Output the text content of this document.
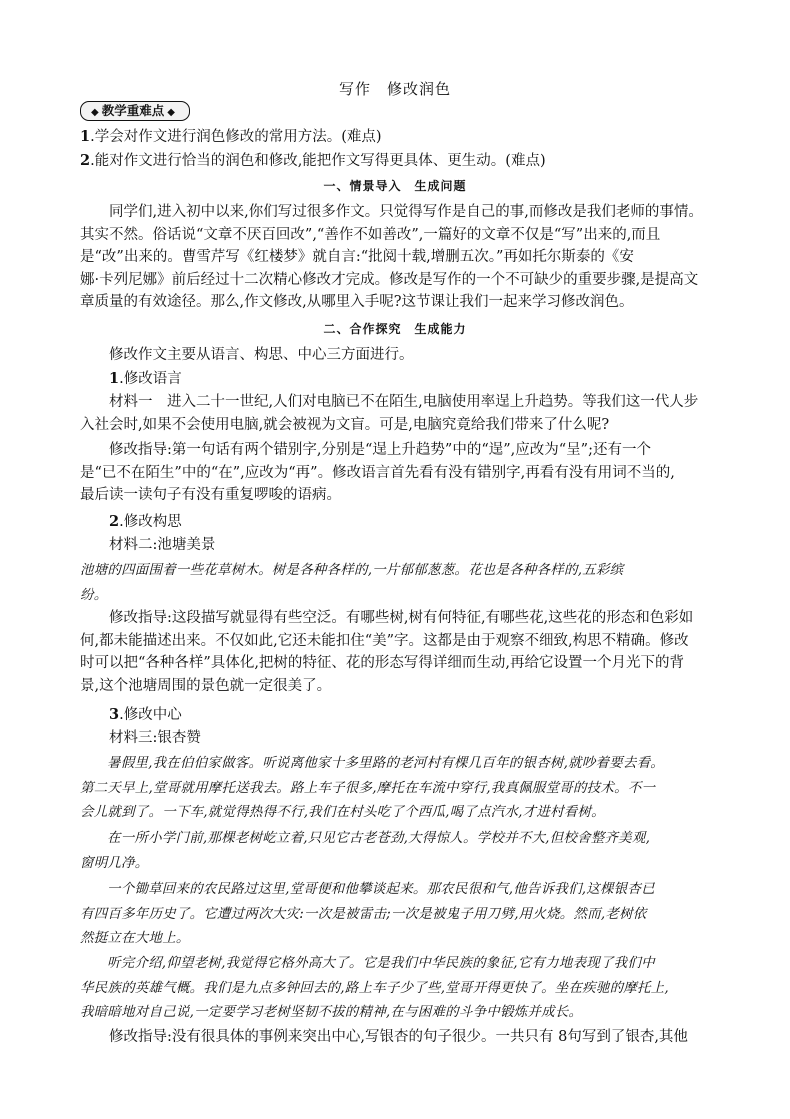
写作　修改润色
◆ 教学重难点 ◆

1.学会对作文进行润色修改的常用方法。(难点)

2.能对作文进行恰当的润色和修改,能把作文写得更具体、更生动。(难点)

一、情景导入　生成问题

同学们,进入初中以来,你们写过很多作文。只觉得写作是自己的事,而修改是我们老师的事情。
其实不然。俗话说“文章不厌百回改”,“善作不如善改”,一篇好的文章不仅是“写”出来的,而且
是“改”出来的。曹雪芹写《红楼梦》就自言:“批阅十载,增删五次。”再如托尔斯泰的《安
娜·卡列尼娜》前后经过十二次精心修改才完成。修改是写作的一个不可缺少的重要步骤,是提高文
章质量的有效途径。那么,作文修改,从哪里入手呢?这节课让我们一起来学习修改润色。

二、合作探究　生成能力

修改作文主要从语言、构思、中心三方面进行。

1.修改语言

材料一　进入二十一世纪,人们对电脑已不在陌生,电脑使用率逞上升趋势。等我们这一代人步
入社会时,如果不会使用电脑,就会被视为文盲。可是,电脑究竟给我们带来了什么呢?

修改指导:第一句话有两个错别字,分别是“逞上升趋势”中的“逞”,应改为“呈”;还有一个
是“已不在陌生”中的“在”,应改为“再”。修改语言首先看有没有错别字,再看有没有用词不当的,
最后读一读句子有没有重复啰唆的语病。

2.修改构思

材料二:池塘美景

池塘的四面围着一些花草树木。树是各种各样的,一片郁郁葱葱。花也是各种各样的,五彩缤
纷。

修改指导:这段描写就显得有些空泛。有哪些树,树有何特征,有哪些花,这些花的形态和色彩如
何,都未能描述出来。不仅如此,它还未能扣住“美”字。这都是由于观察不细致,构思不精确。修改
时可以把“各种各样”具体化,把树的特征、花的形态写得详细而生动,再给它设置一个月光下的背
景,这个池塘周围的景色就一定很美了。

3.修改中心

材料三:银杏赞

暑假里,我在伯伯家做客。听说离他家十多里路的老河村有棵几百年的银杏树,就吵着要去看。
第二天早上,堂哥就用摩托送我去。路上车子很多,摩托在车流中穿行,我真佩服堂哥的技术。不一
会儿就到了。一下车,就觉得热得不行,我们在村头吃了个西瓜,喝了点汽水,才进村看树。

在一所小学门前,那棵老树屹立着,只见它古老苍劲,大得惊人。学校并不大,但校舍整齐美观,
窗明几净。

一个锄草回来的农民路过这里,堂哥便和他攀谈起来。那农民很和气,他告诉我们,这棵银杏已
有四百多年历史了。它遭过两次大灾:一次是被雷击;一次是被鬼子用刀劈,用火烧。然而,老树依
然挺立在大地上。

听完介绍,仰望老树,我觉得它格外高大了。它是我们中华民族的象征,它有力地表现了我们中
华民族的英雄气概。我们是九点多钟回去的,路上车子少了些,堂哥开得更快了。坐在疾驰的摩托上,
我暗暗地对自己说,一定要学习老树坚韧不拔的精神,在与困难的斗争中锻炼并成长。

修改指导:没有很具体的事例来突出中心,写银杏的句子很少。一共只有 8句写到了银杏,其他
